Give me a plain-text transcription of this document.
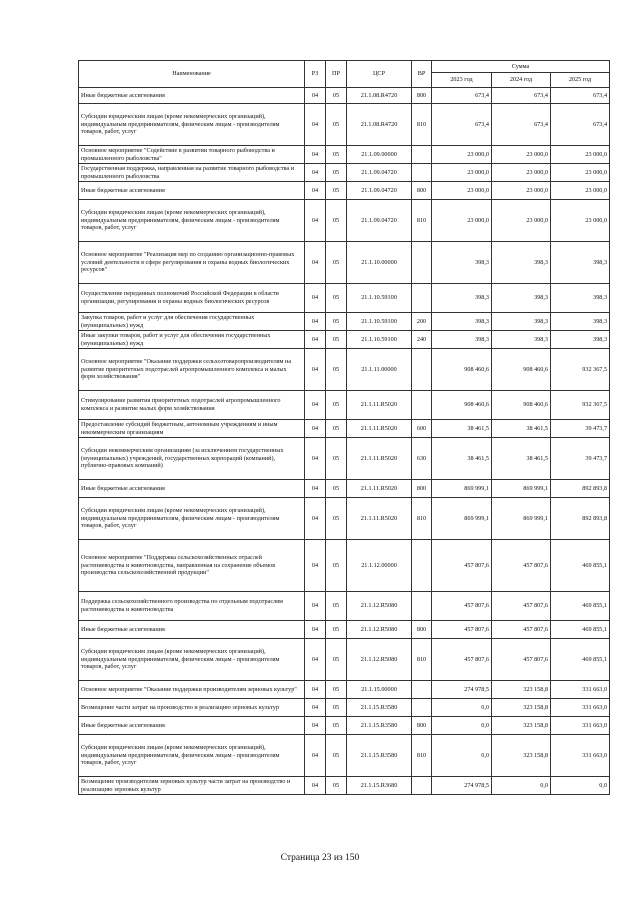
Наименование	РЗ	ПР	ЦСР	ВР	Сумма		
					2023 год	2024 год	2025 год
Иные бюджетные ассигнования	04	05	21.1.08.R4720	800	673,4	673,4	673,4
Субсидии юридическим лицам (кроме некоммерческих организаций), индивидуальным предпринимателям, физическим лицам - производителям товаров, работ, услуг	04	05	21.1.08.R4720	810	673,4	673,4	673,4
Основное мероприятие "Содействие в развитии товарного рыбоводства и промышленного рыболовства"	04	05	21.1.09.00000		23 000,0	23 000,0	23 000,0
Государственная поддержка, направленная на развитие товарного рыбоводства и промышленного рыболовства	04	05	21.1.09.04720		23 000,0	23 000,0	23 000,0
Иные бюджетные ассигнования	04	05	21.1.09.04720	800	23 000,0	23 000,0	23 000,0
Субсидии юридическим лицам (кроме некоммерческих организаций), индивидуальным предпринимателям, физическим лицам - производителям товаров, работ, услуг	04	05	21.1.09.04720	810	23 000,0	23 000,0	23 000,0
Основное мероприятие "Реализация мер по созданию организационно-правовых условий деятельности в сфере регулирования и охраны водных биологических ресурсов"	04	05	21.1.10.00000		398,3	398,3	398,3
Осуществление переданных полномочий Российской Федерации в области организации, регулирования и охраны водных биологических ресурсов	04	05	21.1.10.59100		398,3	398,3	398,3
Закупка товаров, работ и услуг для обеспечения государственных (муниципальных) нужд	04	05	21.1.10.59100	200	398,3	398,3	398,3
Иные закупки товаров, работ и услуг для обеспечения государственных (муниципальных) нужд	04	05	21.1.10.59100	240	398,3	398,3	398,3
Основное мероприятие "Оказание поддержки сельхозтоваропроизводителям на развитие приоритетных подотраслей агропромышленного комплекса и малых форм хозяйствования"	04	05	21.1.11.00000		908 460,6	908 460,6	932 367,5
Стимулирование развития приоритетных подотраслей агропромышленного комплекса и развитие малых форм хозяйствования	04	05	21.1.11.R5020		908 460,6	908 460,6	932 367,5
Предоставление субсидий бюджетным, автономным учреждениям и иным некоммерческим организациям	04	05	21.1.11.R5020	600	38 461,5	38 461,5	39 473,7
Субсидии некоммерческим организациям (за исключением государственных (муниципальных) учреждений, государственных корпораций (компаний), публично-правовых компаний)	04	05	21.1.11.R5020	630	38 461,5	38 461,5	39 473,7
Иные бюджетные ассигнования	04	05	21.1.11.R5020	800	869 999,1	869 999,1	892 893,8
Субсидии юридическим лицам (кроме некоммерческих организаций), индивидуальным предпринимателям, физическим лицам - производителям товаров, работ, услуг	04	05	21.1.11.R5020	810	869 999,1	869 999,1	892 893,8
Основное мероприятие "Поддержка сельскохозяйственных отраслей растениеводства и животноводства, направленная на сохранение объемов производства сельскохозяйственной продукции"	04	05	21.1.12.00000		457 807,6	457 807,6	469 855,1
Поддержка сельскохозяйственного производства по отдельным подотраслям растениеводства и животноводства	04	05	21.1.12.R5080		457 807,6	457 807,6	469 855,1
Иные бюджетные ассигнования	04	05	21.1.12.R5080	800	457 807,6	457 807,6	469 855,1
Субсидии юридическим лицам (кроме некоммерческих организаций), индивидуальным предпринимателям, физическим лицам - производителям товаров, работ, услуг	04	05	21.1.12.R5080	810	457 807,6	457 807,6	469 855,1
Основное мероприятие "Оказание поддержки производителям зерновых культур"	04	05	21.1.15.00000		274 978,5	323 158,8	331 663,0
Возмещение части затрат на производство и реализацию зерновых культур	04	05	21.1.15.R3580		0,0	323 158,8	331 663,0
Иные бюджетные ассигнования	04	05	21.1.15.R3580	800	0,0	323 158,8	331 663,0
Субсидии юридическим лицам (кроме некоммерческих организаций), индивидуальным предпринимателям, физическим лицам - производителям товаров, работ, услуг	04	05	21.1.15.R3580	810	0,0	323 158,8	331 663,0
Возмещение производителям зерновых культур части затрат на производство и реализацию зерновых культур	04	05	21.1.15.R3680		274 978,5	0,0	0,0
Страница 23 из 150
